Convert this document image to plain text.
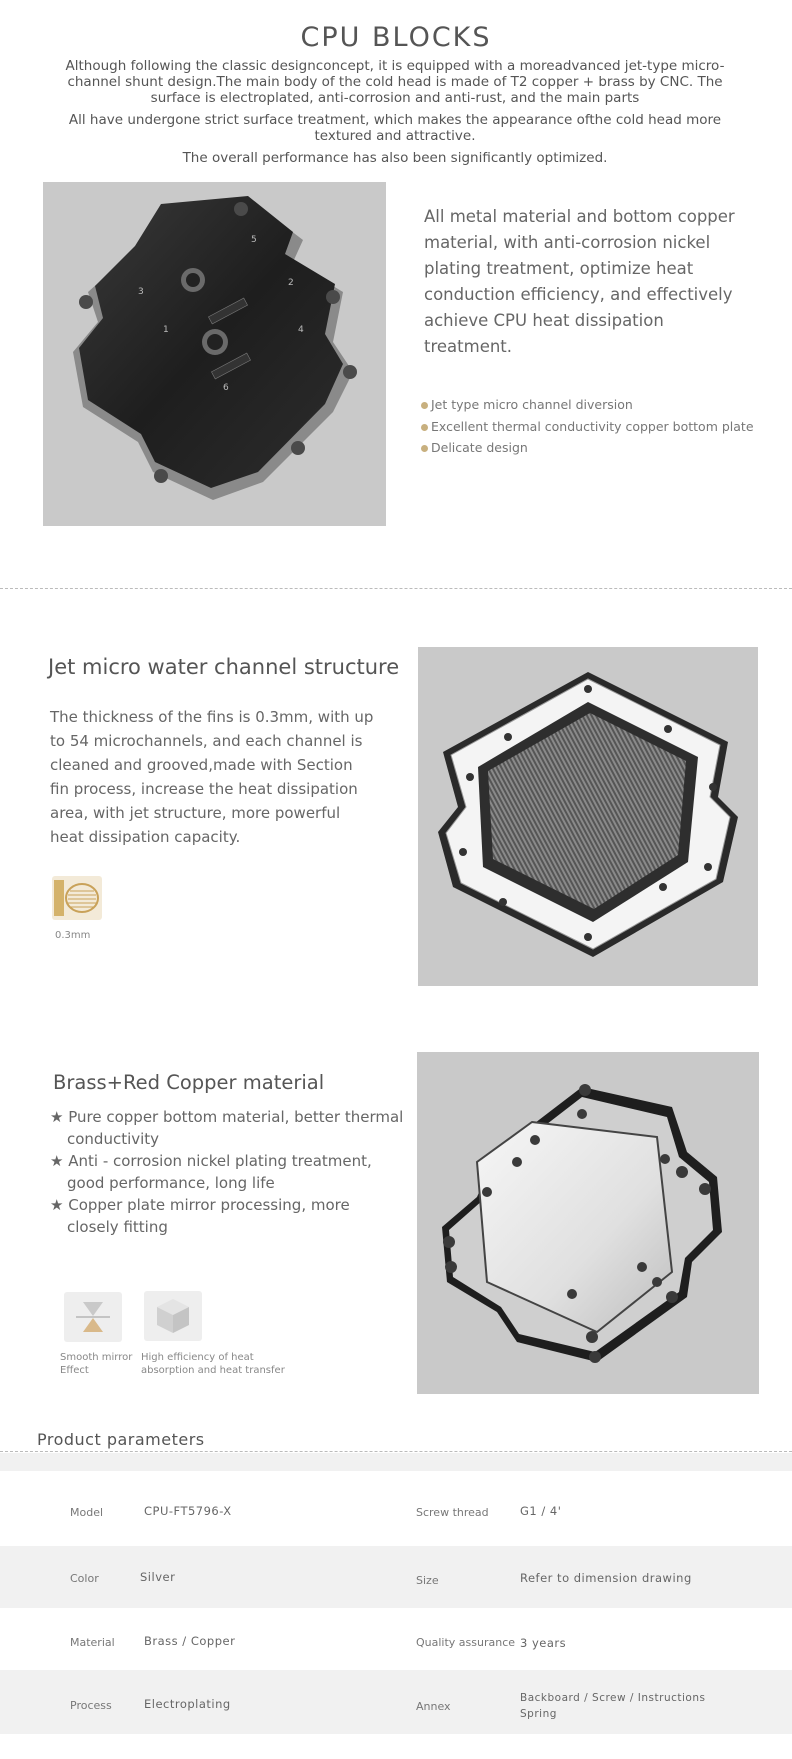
CPU BLOCKS
Although following the classic designconcept, it is equipped with a moreadvanced jet-type micro-
channel shunt design.The main body of the cold head is made of T2 copper + brass by CNC. The
surface is electroplated, anti-corrosion and anti-rust, and the main parts
All have undergone strict surface treatment, which makes the appearance ofthe cold head more
textured and attractive.
The overall performance has also been significantly optimized.
3
5
2
1	4
6
All metal material and bottom copper
material, with anti-corrosion nickel
plating treatment, optimize heat
conduction efficiency, and effectively
achieve CPU heat dissipation
treatment.
Jet type micro channel diversion
Excellent thermal conductivity copper bottom plate
Delicate design
Jet micro water channel structure
The thickness of the fins is 0.3mm, with up
to 54 microchannels, and each channel is
cleaned and grooved,made with Section
fin process, increase the heat dissipation
area, with jet structure, more powerful
heat dissipation capacity.
0.3mm
Brass+Red Copper material
★ Pure copper bottom material, better thermal
conductivity
★ Anti - corrosion nickel plating treatment,
good performance, long life
★ Copper plate mirror processing, more
closely fitting
Smooth mirror
Effect
High efficiency of heat
absorption and heat transfer
Product parameters
Model	CPU-FT5796-X	Screw thread	G1 / 4'
Color	Silver	Size	Refer to dimension drawing
Material	Brass / Copper	Quality assurance 3 years
Process	Electroplating	Annex
Backboard / Screw / Instructions
Spring
